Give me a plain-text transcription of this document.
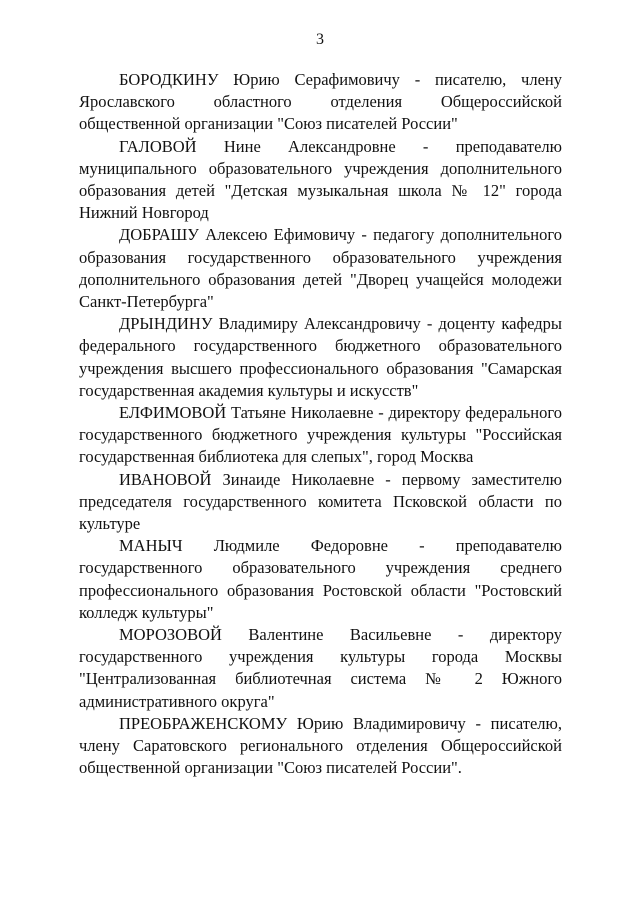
3

БОРОДКИНУ Юрию Серафимовичу - писателю, члену Ярославского областного отделения Общероссийской общественной организации "Союз писателей России"

ГАЛОВОЙ Нине Александровне - преподавателю муниципального образовательного учреждения дополнительного образования детей "Детская музыкальная школа № 12" города Нижний Новгород

ДОБРАШУ Алексею Ефимовичу - педагогу дополнительного образования государственного образовательного учреждения дополнительного образования детей "Дворец учащейся молодежи Санкт-Петербурга"

ДРЫНДИНУ Владимиру Александровичу - доценту кафедры федерального государственного бюджетного образовательного учреждения высшего профессионального образования "Самарская государственная академия культуры и искусств"

ЕЛФИМОВОЙ Татьяне Николаевне - директору федерального государственного бюджетного учреждения культуры "Российская государственная библиотека для слепых", город Москва

ИВАНОВОЙ Зинаиде Николаевне - первому заместителю председателя государственного комитета Псковской области по культуре

МАНЫЧ Людмиле Федоровне - преподавателю государственного образовательного учреждения среднего профессионального образования Ростовской области "Ростовский колледж культуры"

МОРОЗОВОЙ Валентине Васильевне - директору государственного учреждения культуры города Москвы "Централизованная библиотечная система № 2 Южного административного округа"

ПРЕОБРАЖЕНСКОМУ Юрию Владимировичу - писателю, члену Саратовского регионального отделения Общероссийской общественной организации "Союз писателей России".
